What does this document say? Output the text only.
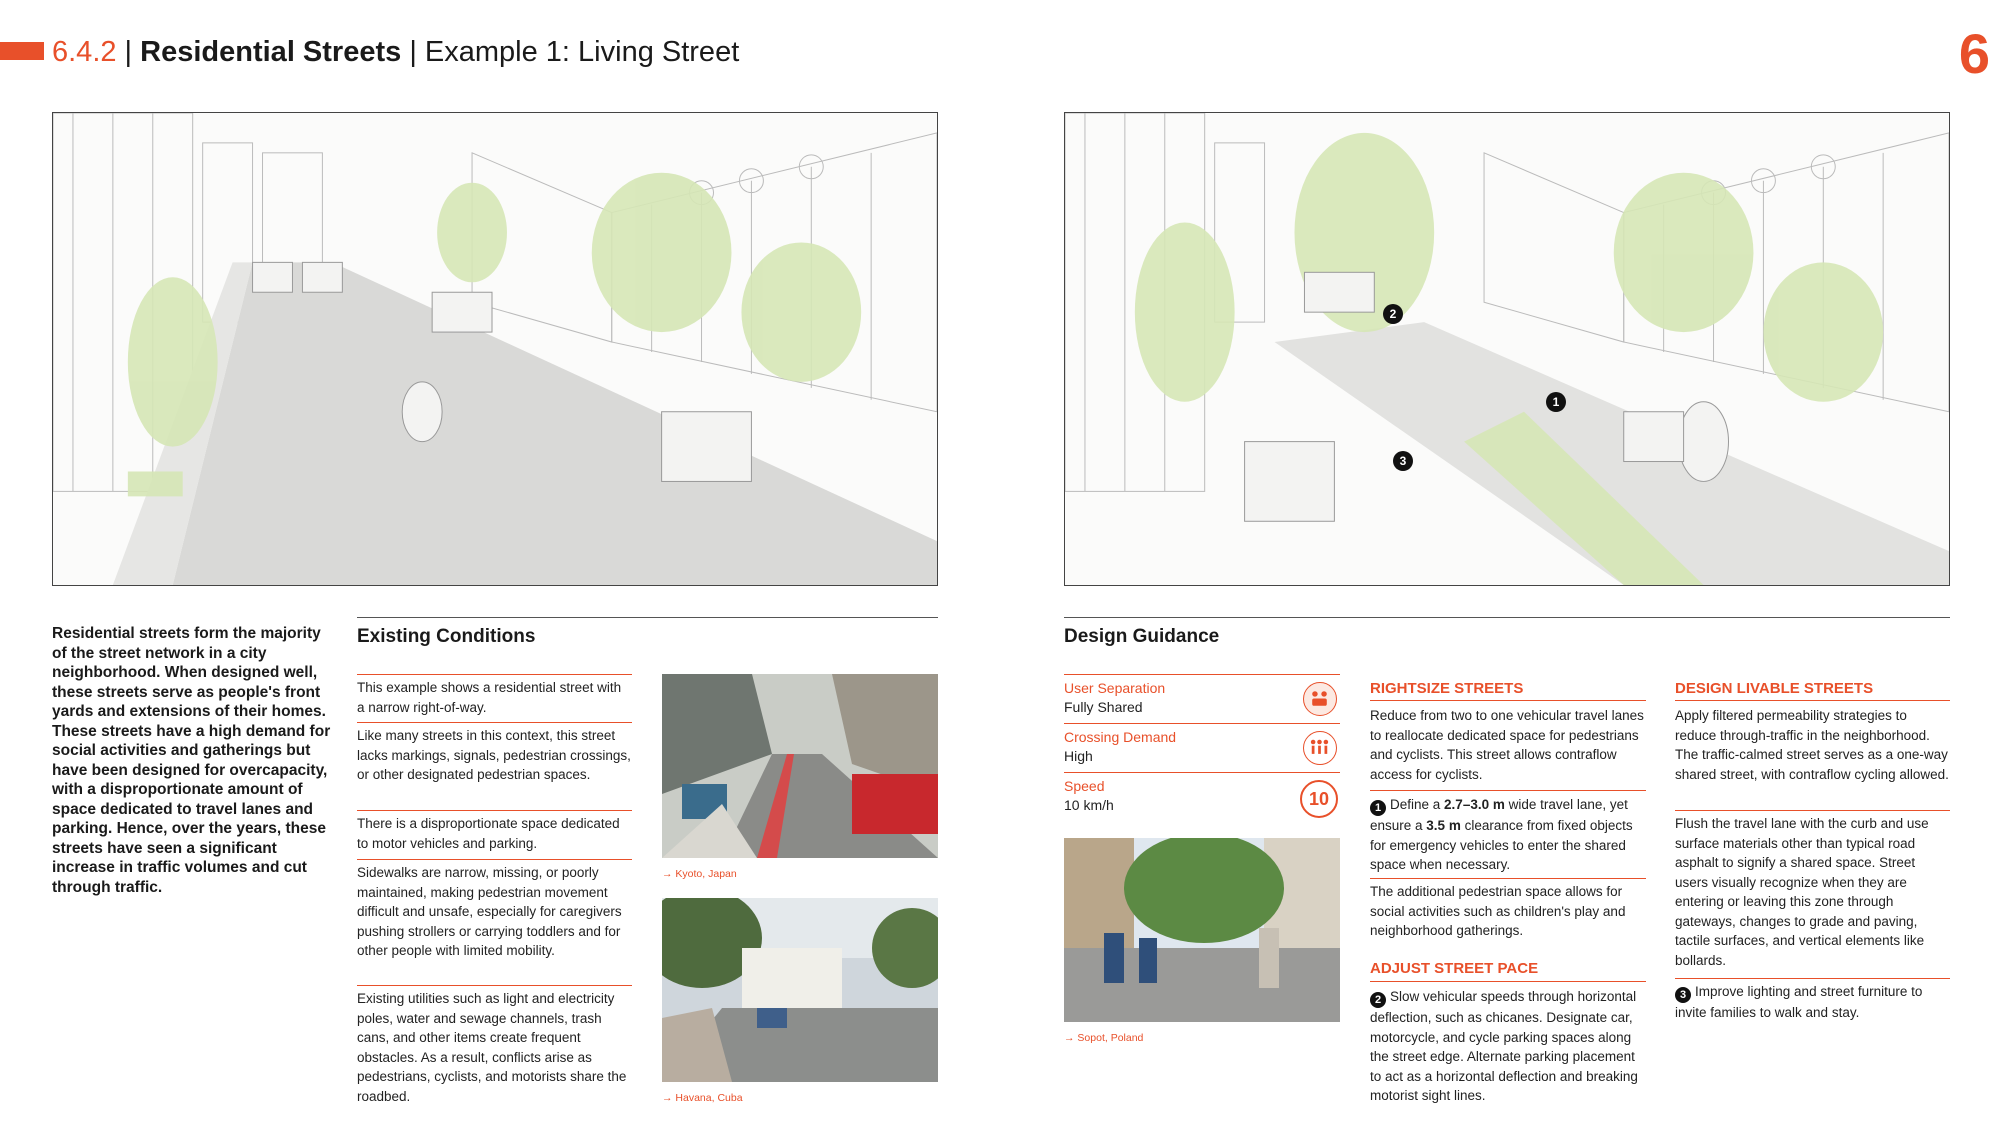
6.4.2 | Residential Streets | Example 1: Living Street	6
1
2
3
Residential streets form the majority of the street network in a city neighborhood. When designed well, these streets serve as people's front yards and extensions of their homes. These streets have a high demand for social activities and gatherings but have been designed for overcapacity, with a disproportionate amount of space dedicated to travel lanes and parking. Hence, over the years, these streets have seen a significant increase in traffic volumes and cut through traffic.
Existing Conditions
This example shows a residential street with a narrow right-of-way.
Like many streets in this context, this street lacks markings, signals, pedestrian crossings, or other designated pedestrian spaces.
There is a disproportionate space dedicated to motor vehicles and parking.
Sidewalks are narrow, missing, or poorly maintained, making pedestrian movement difficult and unsafe, especially for caregivers pushing strollers or carrying toddlers and for other people with limited mobility.
Existing utilities such as light and electricity poles, water and sewage channels, trash cans, and other items create frequent obstacles. As a result, conflicts arise as pedestrians, cyclists, and motorists share the roadbed.
→ Kyoto, Japan
→ Havana, Cuba
Design Guidance
User Separation
Fully Shared
Crossing Demand
High
Speed
10 km/h	10
→ Sopot, Poland
RIGHTSIZE STREETS
Reduce from two to one vehicular travel lanes to reallocate dedicated space for pedestrians and cyclists. This street allows contraflow access for cyclists.
1 Define a 2.7–3.0 m wide travel lane, yet ensure a 3.5 m clearance from fixed objects for emergency vehicles to enter the shared space when necessary.
The additional pedestrian space allows for social activities such as children's play and neighborhood gatherings.
ADJUST STREET PACE
2 Slow vehicular speeds through horizontal deflection, such as chicanes. Designate car, motorcycle, and cycle parking spaces along the street edge. Alternate parking placement to act as a horizontal deflection and breaking motorist sight lines.
DESIGN LIVABLE STREETS
Apply filtered permeability strategies to reduce through-traffic in the neighborhood. The traffic-calmed street serves as a one-way shared street, with contraflow cycling allowed.
Flush the travel lane with the curb and use surface materials other than typical road asphalt to signify a shared space. Street users visually recognize when they are entering or leaving this zone through gateways, changes to grade and paving, tactile surfaces, and vertical elements like bollards.
3 Improve lighting and street furniture to invite families to walk and stay.
